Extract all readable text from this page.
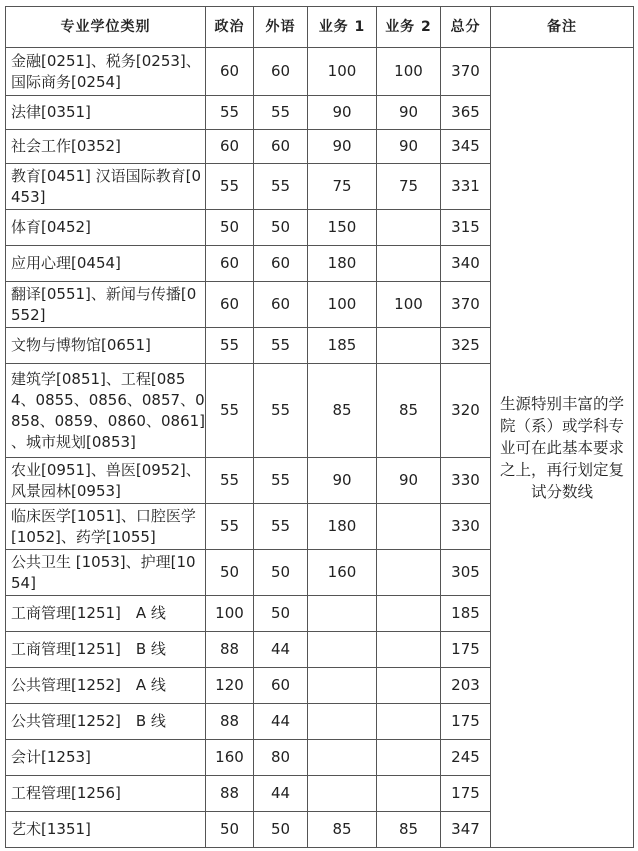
专业学位类别	政治	外语	业务 1	业务 2	总分	备注
金融[0251]、税务[0253]、国际商务[0254]	60	60	100	100	370	生源特别丰富的学院（系）或学科专业可在此基本要求之上，再行划定复试分数线
法律[0351]	55	55	90	90	365	
社会工作[0352]	60	60	90	90	345	
教育[0451] 汉语国际教育[0453]	55	55	75	75	331	
体育[0452]	50	50	150		315	
应用心理[0454]	60	60	180		340	
翻译[0551]、新闻与传播[0552]	60	60	100	100	370	
文物与博物馆[0651]	55	55	185		325	
建筑学[0851]、工程[0854、0855、0856、0857、0858、0859、0860、0861] 、城市规划[0853]	55	55	85	85	320	
农业[0951]、兽医[0952]、风景园林[0953]	55	55	90	90	330	
临床医学[1051]、口腔医学[1052]、药学[1055]	55	55	180		330	
公共卫生 [1053]、护理[1054]	50	50	160		305	
工商管理[1251]　A 线	100	50			185	
工商管理[1251]　B 线	88	44			175	
公共管理[1252]　A 线	120	60			203	
公共管理[1252]　B 线	88	44			175	
会计[1253]	160	80			245	
工程管理[1256]	88	44			175	
艺术[1351]	50	50	85	85	347	
